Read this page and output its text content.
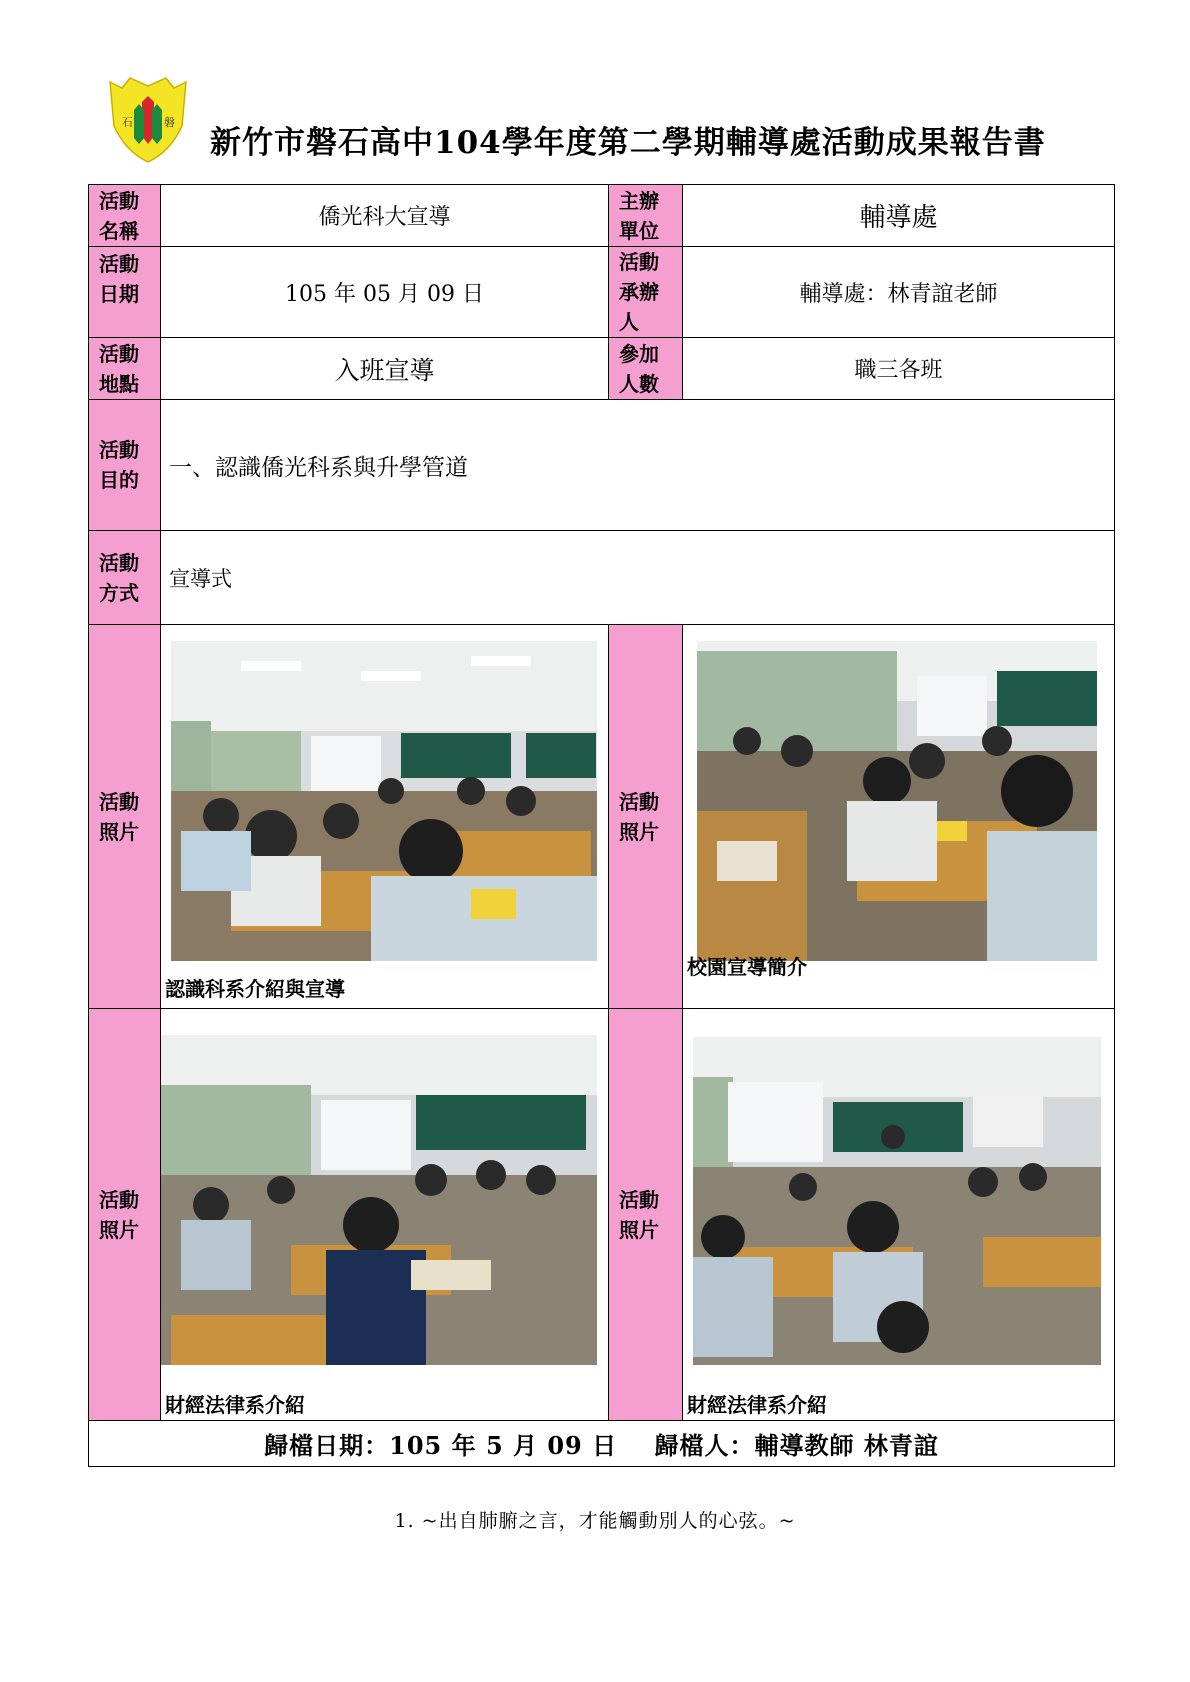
石	磐
新竹市磐石高中104學年度第二學期輔導處活動成果報告書
活動名稱	僑光科大宣導	主辦單位	輔導處

活動日期	105 年 05 月 09 日	活動承辦人	輔導處：林青誼老師

活動地點	入班宣導	參加人數	職三各班

活動目的	一、認識僑光科系與升學管道		

活動方式	宣導式		

活動照片	認識科系介紹與宣導	活動照片	校園宣導簡介

活動照片	財經法律系介紹	活動照片	財經法律系介紹

歸檔日期：105 年 5 月 09 日 歸檔人：輔導教師 林青誼			
1. ~出自肺腑之言，才能觸動別人的心弦。~
